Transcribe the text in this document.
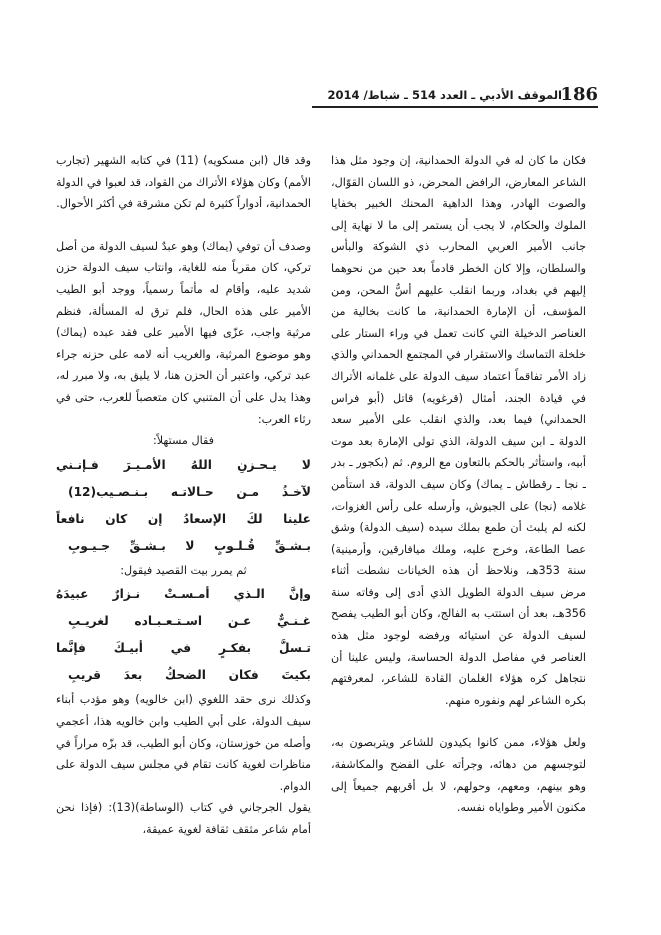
186
الموقف الأدبي ـ العدد 514 ـ شباط/ 2014

فكان ما كان له في الدولة الحمدانية، إن وجود مثل هذا الشاعر المعارض، الرافض المحرض، ذو اللسان القوّال، والصوت الهادر، وهذا الداهية المحنك الخبير بخفايا الملوك والحكام، لا يجب أن يستمر إلى ما لا نهاية إلى جانب الأمير العربي المحارب ذي الشوكة والبأس والسلطان، وإلا كان الخطر قادماً بعد حين من نحوهما إليهم في بغداد، وربما انقلب عليهم أسُّ المحن، ومن المؤسف، أن الإمارة الحمدانية، ما كانت بخالية من العناصر الدخيلة التي كانت تعمل في وراء الستار على خلخلة التماسك والاستقرار في المجتمع الحمداني والذي زاد الأمر تفاقماً اعتماد سيف الدولة على غلمانه الأتراك في قيادة الجند، أمثال (قرغويه) قاتل (أبو فراس الحمداني) فيما بعد، والذي انقلب على الأمير سعد الدولة ـ ابن سيف الدولة، الذي تولى الإمارة بعد موت أبيه، واستأثر بالحكم بالتعاون مع الروم. ثم (بكجور ـ بدر ـ نجا ـ رقطاش ـ يماك) وكان سيف الدولة، قد استأمن غلامه (نجا) على الجيوش، وأرسله على رأس الغزوات، لكنه لم يلبث أن طمع بملك سيده (سيف الدولة) وشق عصا الطاعة، وخرج عليه، وملك ميافارقين، وأرمينية) سنة 353هـ، ونلاحظ أن هذه الخيانات نشطت أثناء مرض سيف الدولة الطويل الذي أدى إلى وفاته سنة 356هـ، بعد أن استتب به الفالج، وكان أبو الطيب يفصح لسيف الدولة عن استيائه ورفضه لوجود مثل هذه العناصر في مفاصل الدولة الحساسة، وليس علينا أن نتجاهل كره هؤلاء الغلمان القادة للشاعر، لمعرفتهم بكره الشاعر لهم ونفوره منهم.

ولعل هؤلاء، ممن كانوا يكيدون للشاعر ويتربصون به، لتوجسهم من دهائه، وجرأته على الفضح والمكاشفة، وهو بينهم، ومعهم، وحولهم، لا بل أقربهم جميعاً إلى مكنون الأمير وطواياه نفسه.

وقد قال (ابن مسكويه) (11) في كتابه الشهير (تجارب الأمم) وكان هؤلاء الأتراك من القواد، قد لعبوا في الدولة الحمدانية، أدواراً كثيرة لم تكن مشرقة في أكثر الأحوال.

وصدف أن توفي (يماك) وهو عبدٌ لسيف الدولة من أصل تركي، كان مقرباً منه للغاية، وانتاب سيف الدولة حزن شديد عليه، وأقام له مأتماً رسمياً، ووجد أبو الطيب الأمير على هذه الحال، فلم ترق له المسألة، فنظم مرثية واجب، عزّى فيها الأمير على فقد عبده (يماك) وهو موضوع المرثية، والغريب أنه لامه على حزنه جراء عبد تركي، واعتبر أن الحزن هنا، لا يليق به، ولا مبرر له، وهذا يدل على أن المتنبي كان متعصباً للعرب، حتى في رثاء العرب:

فقال مستهلاً:

لا يـحـزنِ اللهُ الأمـيـرَ فـإنـني

لآخـذُ مـن حـالاتـه بـنـصـيب(12)

علينا لكَ الإسعادُ إن كان نافعاً

بـشـقِّ قُـلـوبٍ لا بـشـقِّ جـيـوبِ

ثم يمرر بيت القصيد فيقول:

وإنَّ الـذي أمـسـتْ نـزارٌ عبيدَهُ

غـنـيٌّ عـن اسـتـعـبـاده لغريـبِ

تـسلَّ بفكـرٍ في أبيـكَ فإنَّما

بكيتَ فكان الضحكُ بعدَ قريبِ

وكذلك نرى حقد اللغوي (ابن خالويه) وهو مؤدب أبناء سيف الدولة، على أبي الطيب وابن خالويه هذا، أعجمي وأصله من خوزستان، وكان أبو الطيب، قد بزّه مراراً في مناظرات لغوية كانت تقام في مجلس سيف الدولة على الدوام.

يقول الجرجاني في كتاب (الوساطة)(13): (فإذا نحن أمام شاعر مثقف ثقافة لغوية عميقة،
